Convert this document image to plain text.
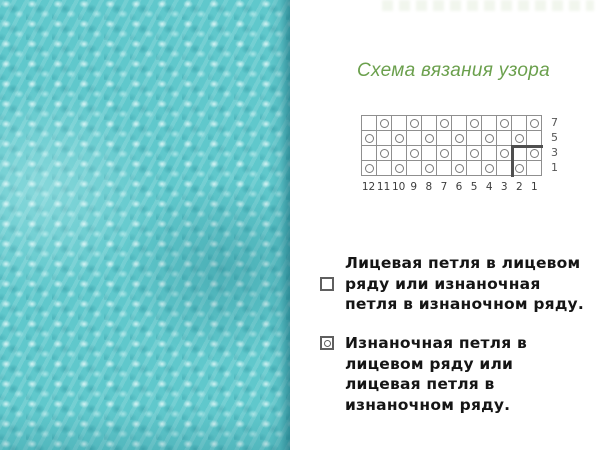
Схема вязания узора
7
5
3
1
12 11 10 9 8 7 6 5 4 3 2 1
Лицевая петля в лицевом
ряду или изнаночная
петля в изнаночном ряду.
Изнаночная петля в
лицевом ряду или
лицевая петля в
изнаночном ряду.
